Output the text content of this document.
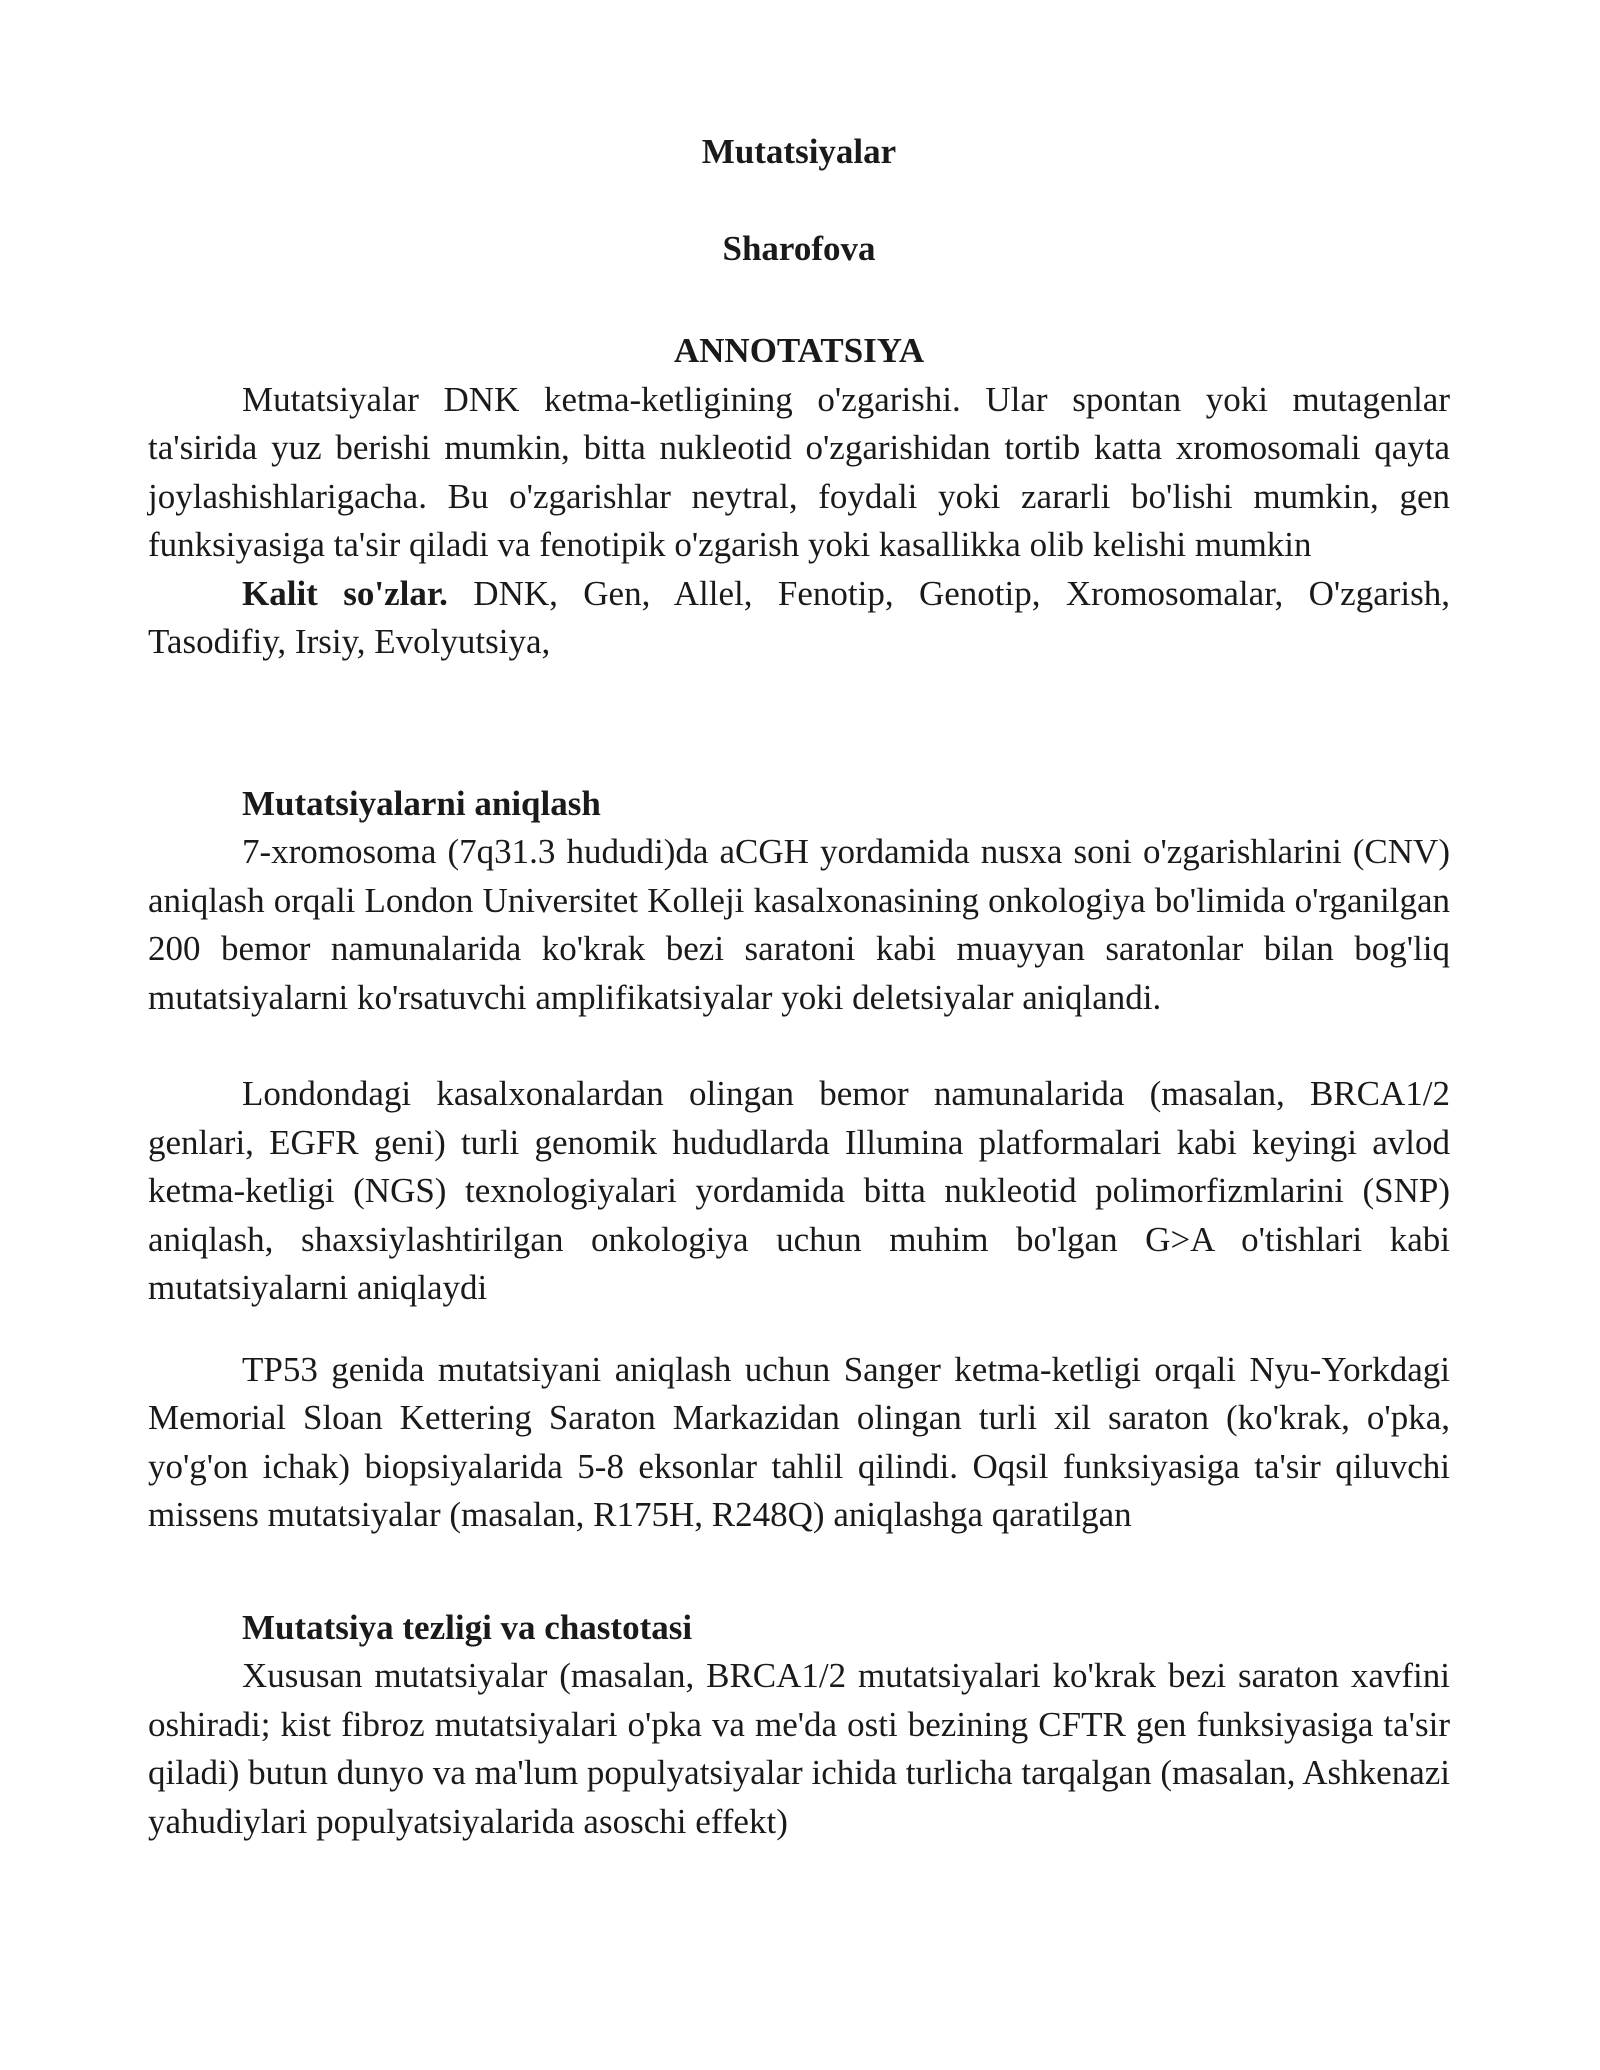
Mutatsiyalar
Sharofova
ANNOTATSIYA

Mutatsiyalar DNK ketma-ketligining o'zgarishi. Ular spontan yoki mutagenlar ta'sirida yuz berishi mumkin, bitta nukleotid o'zgarishidan tortib katta xromosomali qayta joylashishlarigacha. Bu o'zgarishlar neytral, foydali yoki zararli bo'lishi mumkin, gen funksiyasiga ta'sir qiladi va fenotipik o'zgarish yoki kasallikka olib kelishi mumkin

Kalit so'zlar. DNK, Gen, Allel, Fenotip, Genotip, Xromosomalar, O'zgarish, Tasodifiy, Irsiy, Evolyutsiya,

Mutatsiyalarni aniqlash

7-xromosoma (7q31.3 hududi)da aCGH yordamida nusxa soni o'zgarishlarini (CNV) aniqlash orqali London Universitet Kolleji kasalxonasining onkologiya bo'limida o'rganilgan 200 bemor namunalarida ko'krak bezi saratoni kabi muayyan saratonlar bilan bog'liq mutatsiyalarni ko'rsatuvchi amplifikatsiyalar yoki deletsiyalar aniqlandi.

Londondagi kasalxonalardan olingan bemor namunalarida (masalan, BRCA1/2 genlari, EGFR geni) turli genomik hududlarda Illumina platformalari kabi keyingi avlod ketma-ketligi (NGS) texnologiyalari yordamida bitta nukleotid polimorfizmlarini (SNP) aniqlash, shaxsiylashtirilgan onkologiya uchun muhim bo'lgan G>A o'tishlari kabi mutatsiyalarni aniqlaydi

TP53 genida mutatsiyani aniqlash uchun Sanger ketma-ketligi orqali Nyu-Yorkdagi Memorial Sloan Kettering Saraton Markazidan olingan turli xil saraton (ko'krak, o'pka, yo'g'on ichak) biopsiyalarida 5-8 eksonlar tahlil qilindi. Oqsil funksiyasiga ta'sir qiluvchi missens mutatsiyalar (masalan, R175H, R248Q) aniqlashga qaratilgan

Mutatsiya tezligi va chastotasi

Xususan mutatsiyalar (masalan, BRCA1/2 mutatsiyalari ko'krak bezi saraton xavfini oshiradi; kist fibroz mutatsiyalari o'pka va me'da osti bezining CFTR gen funksiyasiga ta'sir qiladi) butun dunyo va ma'lum populyatsiyalar ichida turlicha tarqalgan (masalan, Ashkenazi yahudiylari populyatsiyalarida asoschi effekt)
